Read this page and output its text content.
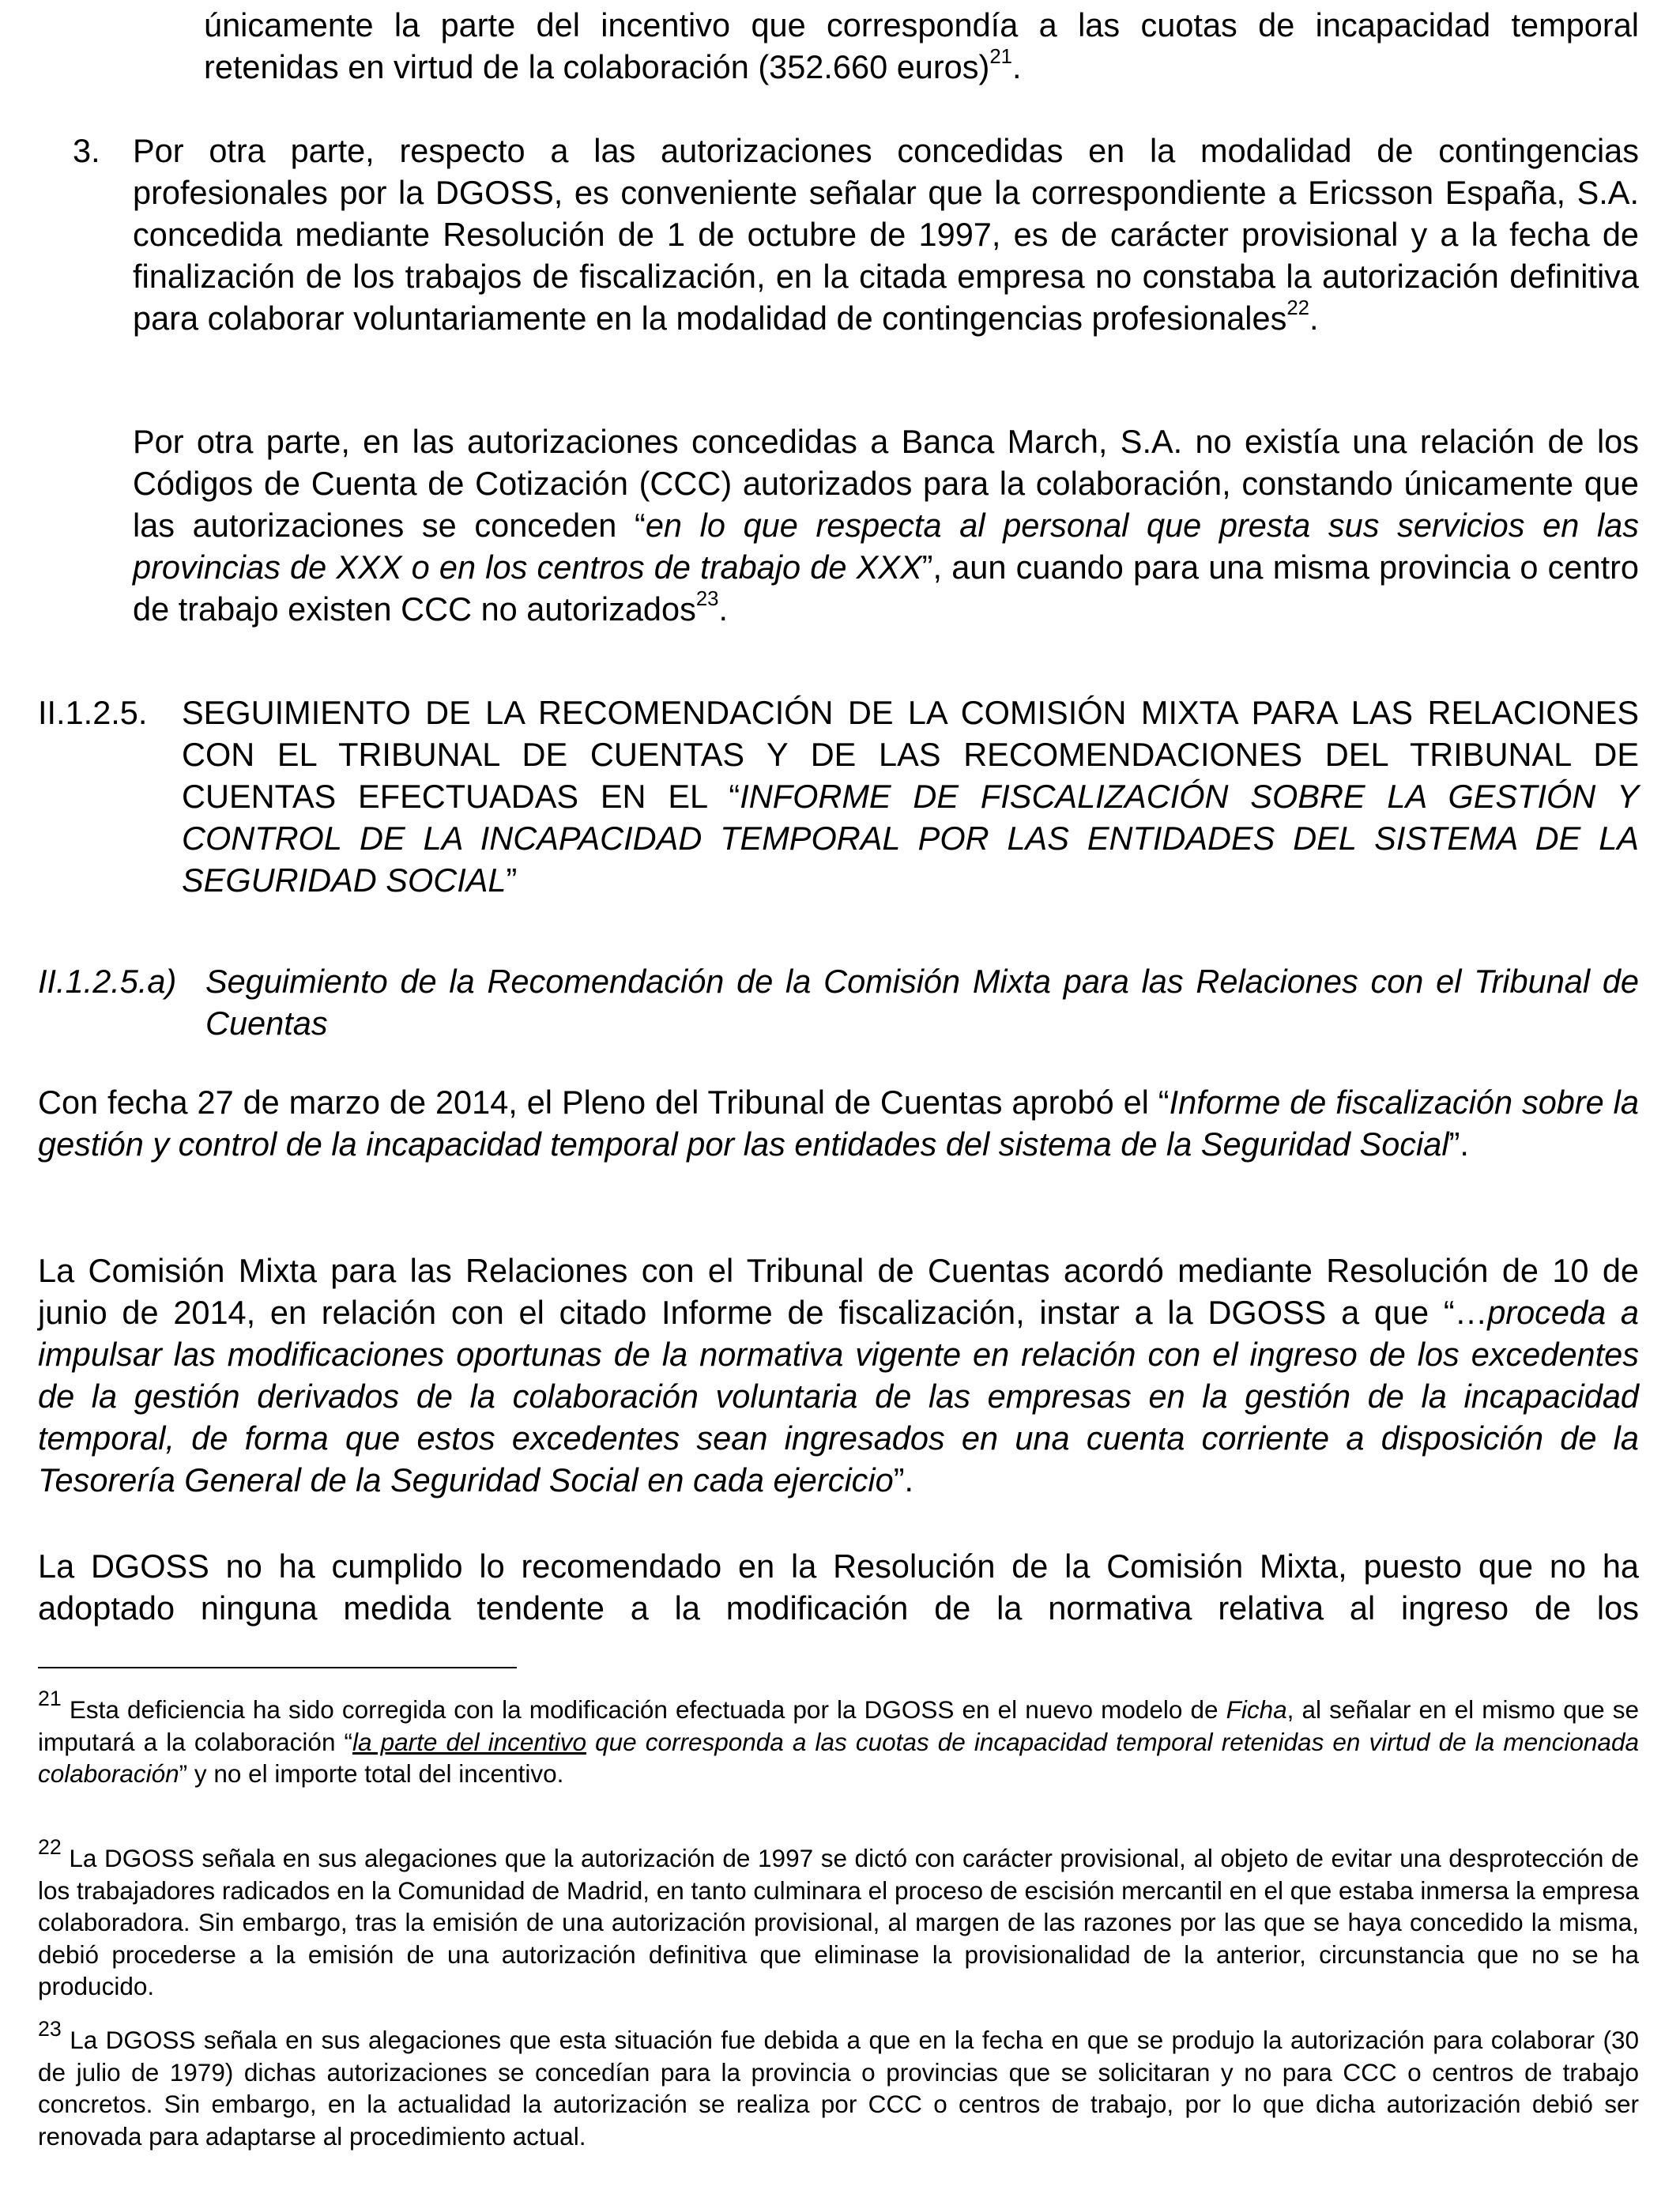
únicamente la parte del incentivo que correspondía a las cuotas de incapacidad temporal retenidas en virtud de la colaboración (352.660 euros)$^{21}$.
3. Por otra parte, respecto a las autorizaciones concedidas en la modalidad de contingencias profesionales por la DGOSS, es conveniente señalar que la correspondiente a Ericsson España, S.A. concedida mediante Resolución de 1 de octubre de 1997, es de carácter provisional y a la fecha de finalización de los trabajos de fiscalización, en la citada empresa no constaba la autorización definitiva para colaborar voluntariamente en la modalidad de contingencias profesionales$^{22}$.
Por otra parte, en las autorizaciones concedidas a Banca March, S.A. no existía una relación de los Códigos de Cuenta de Cotización (CCC) autorizados para la colaboración, constando únicamente que las autorizaciones se conceden “en lo que respecta al personal que presta sus servicios en las provincias de XXX o en los centros de trabajo de XXX”, aun cuando para una misma provincia o centro de trabajo existen CCC no autorizados$^{23}$.
II.1.2.5. SEGUIMIENTO DE LA RECOMENDACIÓN DE LA COMISIÓN MIXTA PARA LAS RELACIONES CON EL TRIBUNAL DE CUENTAS Y DE LAS RECOMENDACIONES DEL TRIBUNAL DE CUENTAS EFECTUADAS EN EL “INFORME DE FISCALIZACIÓN SOBRE LA GESTIÓN Y CONTROL DE LA INCAPACIDAD TEMPORAL POR LAS ENTIDADES DEL SISTEMA DE LA SEGURIDAD SOCIAL”
II.1.2.5.a) Seguimiento de la Recomendación de la Comisión Mixta para las Relaciones con el Tribunal de Cuentas
Con fecha 27 de marzo de 2014, el Pleno del Tribunal de Cuentas aprobó el “Informe de fiscalización sobre la gestión y control de la incapacidad temporal por las entidades del sistema de la Seguridad Social”.
La Comisión Mixta para las Relaciones con el Tribunal de Cuentas acordó mediante Resolución de 10 de junio de 2014, en relación con el citado Informe de fiscalización, instar a la DGOSS a que “…proceda a impulsar las modificaciones oportunas de la normativa vigente en relación con el ingreso de los excedentes de la gestión derivados de la colaboración voluntaria de las empresas en la gestión de la incapacidad temporal, de forma que estos excedentes sean ingresados en una cuenta corriente a disposición de la Tesorería General de la Seguridad Social en cada ejercicio”.
La DGOSS no ha cumplido lo recomendado en la Resolución de la Comisión Mixta, puesto que no ha adoptado ninguna medida tendente a la modificación de la normativa relativa al ingreso de los
$^{21}$ Esta deficiencia ha sido corregida con la modificación efectuada por la DGOSS en el nuevo modelo de Ficha, al señalar en el mismo que se imputará a la colaboración “la parte del incentivo que corresponda a las cuotas de incapacidad temporal retenidas en virtud de la mencionada colaboración” y no el importe total del incentivo.
$^{22}$ La DGOSS señala en sus alegaciones que la autorización de 1997 se dictó con carácter provisional, al objeto de evitar una desprotección de los trabajadores radicados en la Comunidad de Madrid, en tanto culminara el proceso de escisión mercantil en el que estaba inmersa la empresa colaboradora. Sin embargo, tras la emisión de una autorización provisional, al margen de las razones por las que se haya concedido la misma, debió procederse a la emisión de una autorización definitiva que eliminase la provisionalidad de la anterior, circunstancia que no se ha producido.
$^{23}$ La DGOSS señala en sus alegaciones que esta situación fue debida a que en la fecha en que se produjo la autorización para colaborar (30 de julio de 1979) dichas autorizaciones se concedían para la provincia o provincias que se solicitaran y no para CCC o centros de trabajo concretos. Sin embargo, en la actualidad la autorización se realiza por CCC o centros de trabajo, por lo que dicha autorización debió ser renovada para adaptarse al procedimiento actual.
